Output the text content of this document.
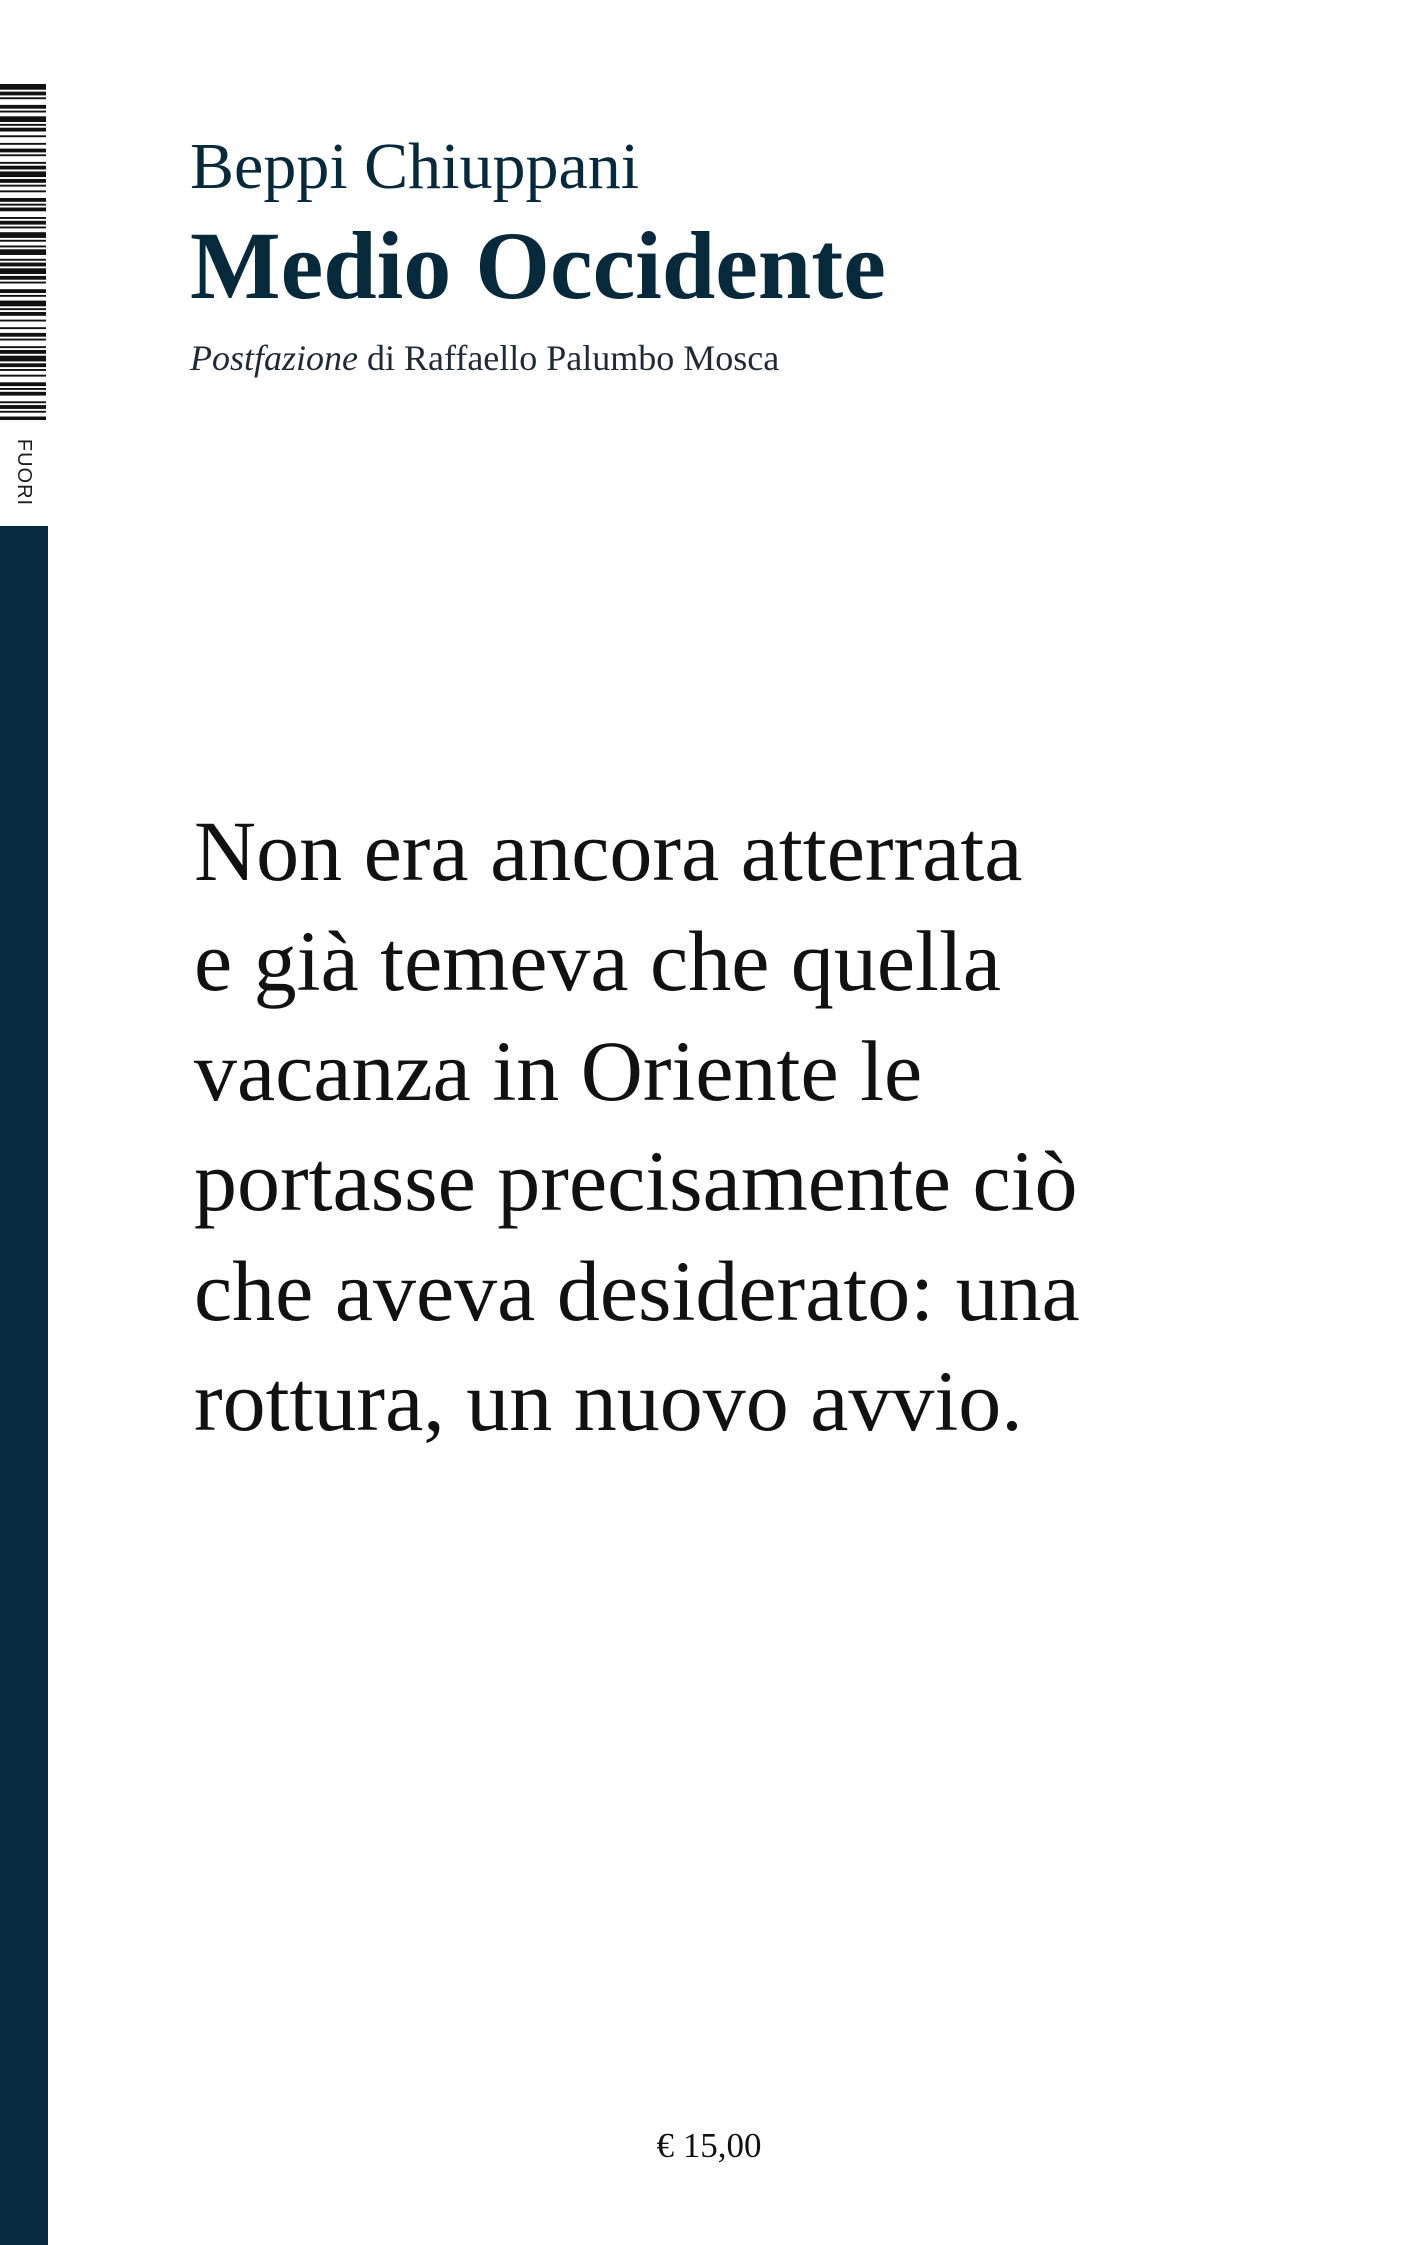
FUORI
Beppi Chiuppani
Medio Occidente
Postfazione di Raffaello Palumbo Mosca
Non era ancora atterrata
e già temeva che quella
vacanza in Oriente le
portasse precisamente ciò
che aveva desiderato: una
rottura, un nuovo avvio.
€ 15,00
